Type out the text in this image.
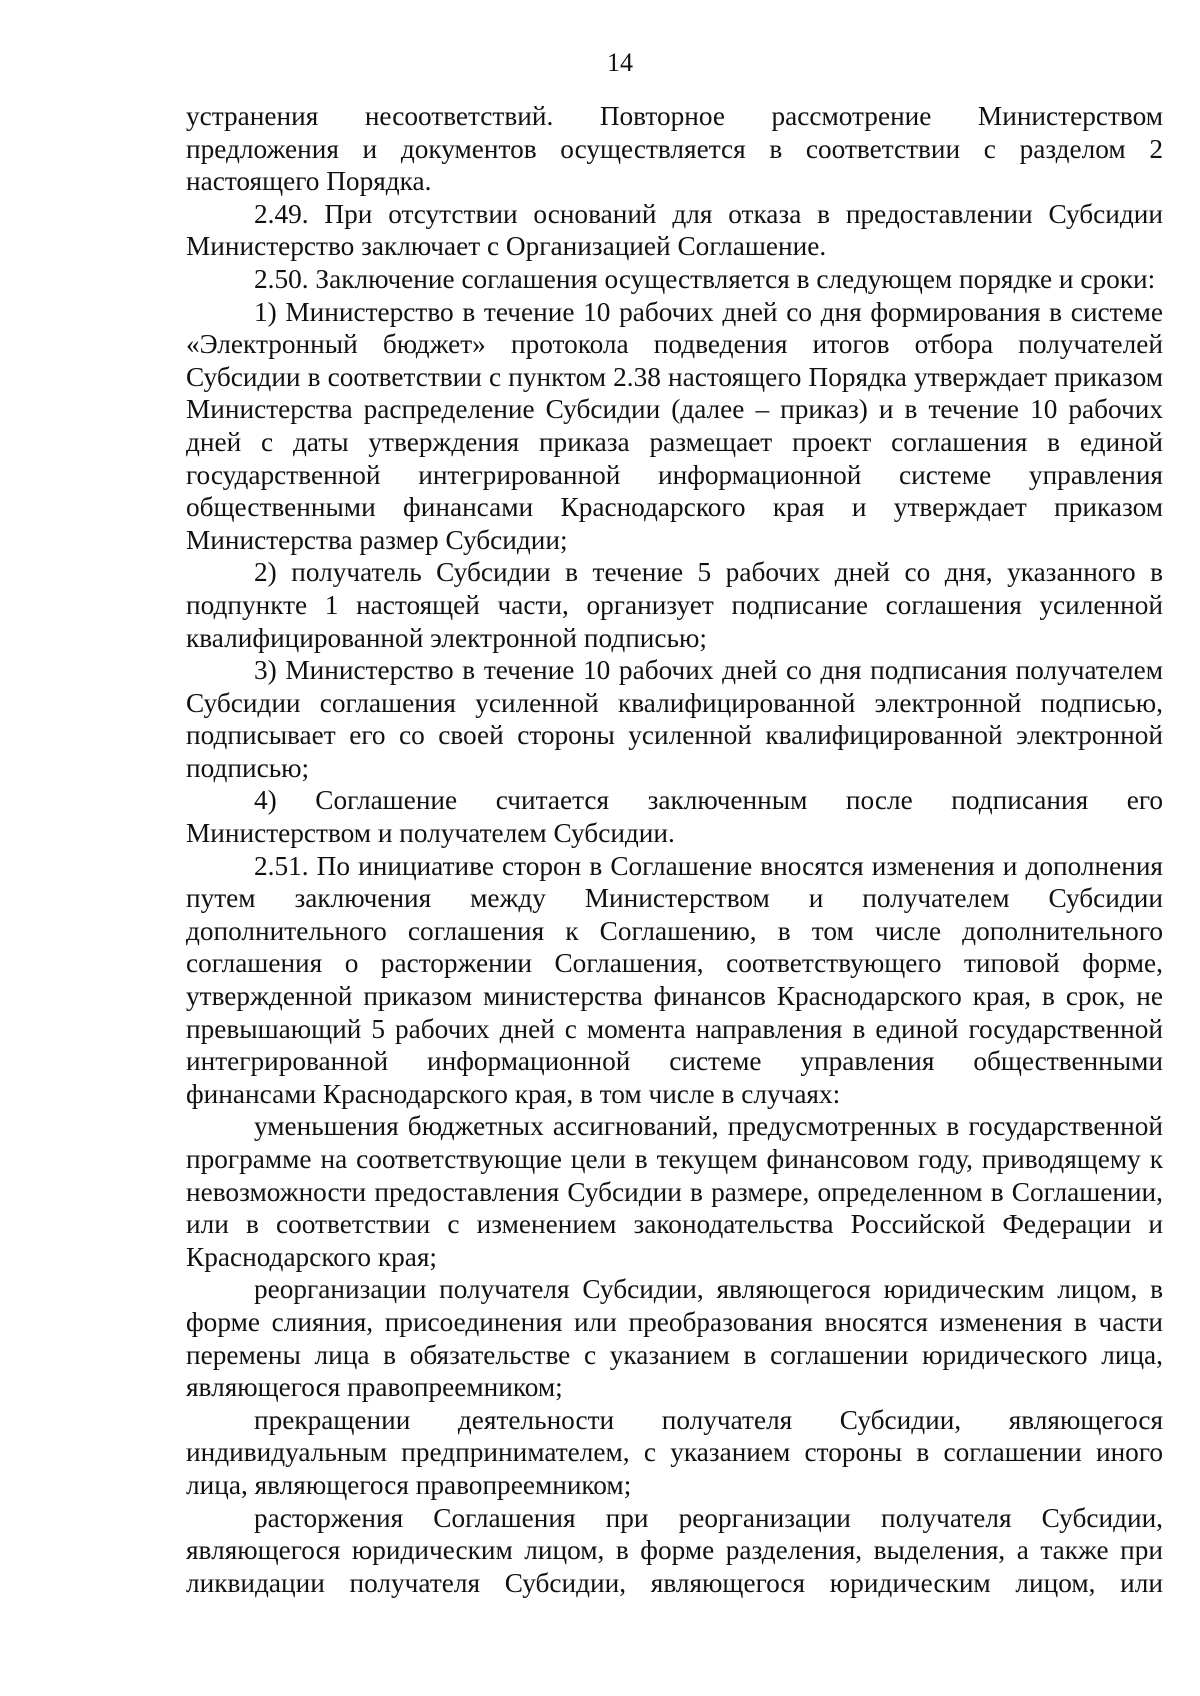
14

устранения несоответствий. Повторное рассмотрение Министерством предложения и документов осуществляется в соответствии с разделом 2 настоящего Порядка.

2.49. При отсутствии оснований для отказа в предоставлении Субсидии Министерство заключает с Организацией Соглашение.

2.50. Заключение соглашения осуществляется в следующем порядке и сроки:

1) Министерство в течение 10 рабочих дней со дня формирования в системе «Электронный бюджет» протокола подведения итогов отбора получателей Субсидии в соответствии с пунктом 2.38 настоящего Порядка утверждает приказом Министерства распределение Субсидии (далее – приказ) и в течение 10 рабочих дней с даты утверждения приказа размещает проект соглашения в единой государственной интегрированной информационной системе управления общественными финансами Краснодарского края и утверждает приказом Министерства размер Субсидии;

2) получатель Субсидии в течение 5 рабочих дней со дня, указанного в подпункте 1 настоящей части, организует подписание соглашения усиленной квалифицированной электронной подписью;

3) Министерство в течение 10 рабочих дней со дня подписания получателем Субсидии соглашения усиленной квалифицированной электронной подписью, подписывает его со своей стороны усиленной квалифицированной электронной подписью;

4) Соглашение считается заключенным после подписания его Министерством и получателем Субсидии.

2.51. По инициативе сторон в Соглашение вносятся изменения и дополнения путем заключения между Министерством и получателем Субсидии дополнительного соглашения к Соглашению, в том числе дополнительного соглашения о расторжении Соглашения, соответствующего типовой форме, утвержденной приказом министерства финансов Краснодарского края, в срок, не превышающий 5 рабочих дней с момента направления в единой государственной интегрированной информационной системе управления общественными финансами Краснодарского края, в том числе в случаях:

уменьшения бюджетных ассигнований, предусмотренных в государственной программе на соответствующие цели в текущем финансовом году, приводящему к невозможности предоставления Субсидии в размере, определенном в Соглашении, или в соответствии с изменением законодательства Российской Федерации и Краснодарского края;

реорганизации получателя Субсидии, являющегося юридическим лицом, в форме слияния, присоединения или преобразования вносятся изменения в части перемены лица в обязательстве с указанием в соглашении юридического лица, являющегося правопреемником;

прекращении деятельности получателя Субсидии, являющегося индивидуальным предпринимателем, с указанием стороны в соглашении иного лица, являющегося правопреемником;

расторжения Соглашения при реорганизации получателя Субсидии, являющегося юридическим лицом, в форме разделения, выделения, а также при ликвидации получателя Субсидии, являющегося юридическим лицом, или
